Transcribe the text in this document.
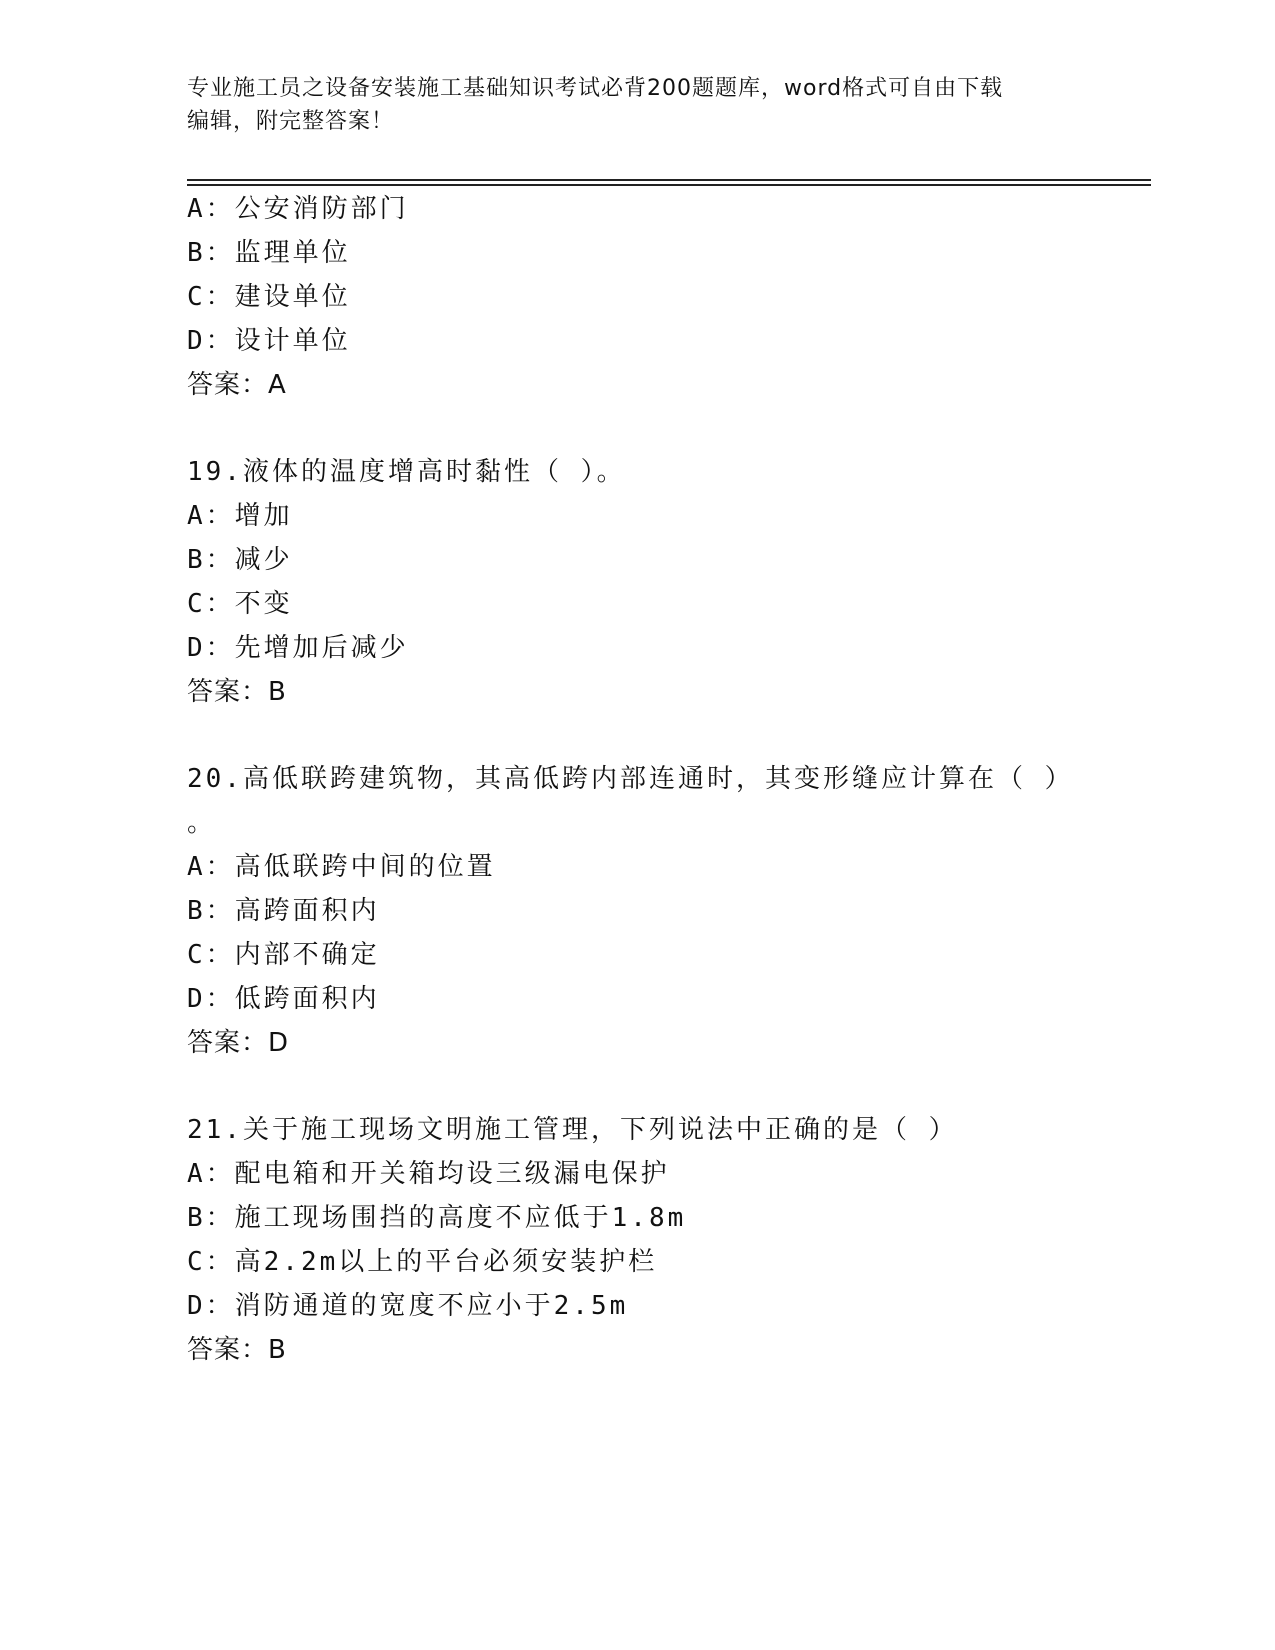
专业施工员之设备安装施工基础知识考试必背200题题库，word格式可自由下载
编辑，附完整答案！
A：公安消防部门
B：监理单位
C：建设单位
D：设计单位
答案：A
19.液体的温度增高时黏性（ ）。
A：增加
B：减少
C：不变
D：先增加后减少
答案：B
20.高低联跨建筑物，其高低跨内部连通时，其变形缝应计算在（ ）
。
A：高低联跨中间的位置
B：高跨面积内
C：内部不确定
D：低跨面积内
答案：D
21.关于施工现场文明施工管理，下列说法中正确的是（ ）
A：配电箱和开关箱均设三级漏电保护
B：施工现场围挡的高度不应低于1.8m
C：高2.2m以上的平台必须安装护栏
D：消防通道的宽度不应小于2.5m
答案：B
